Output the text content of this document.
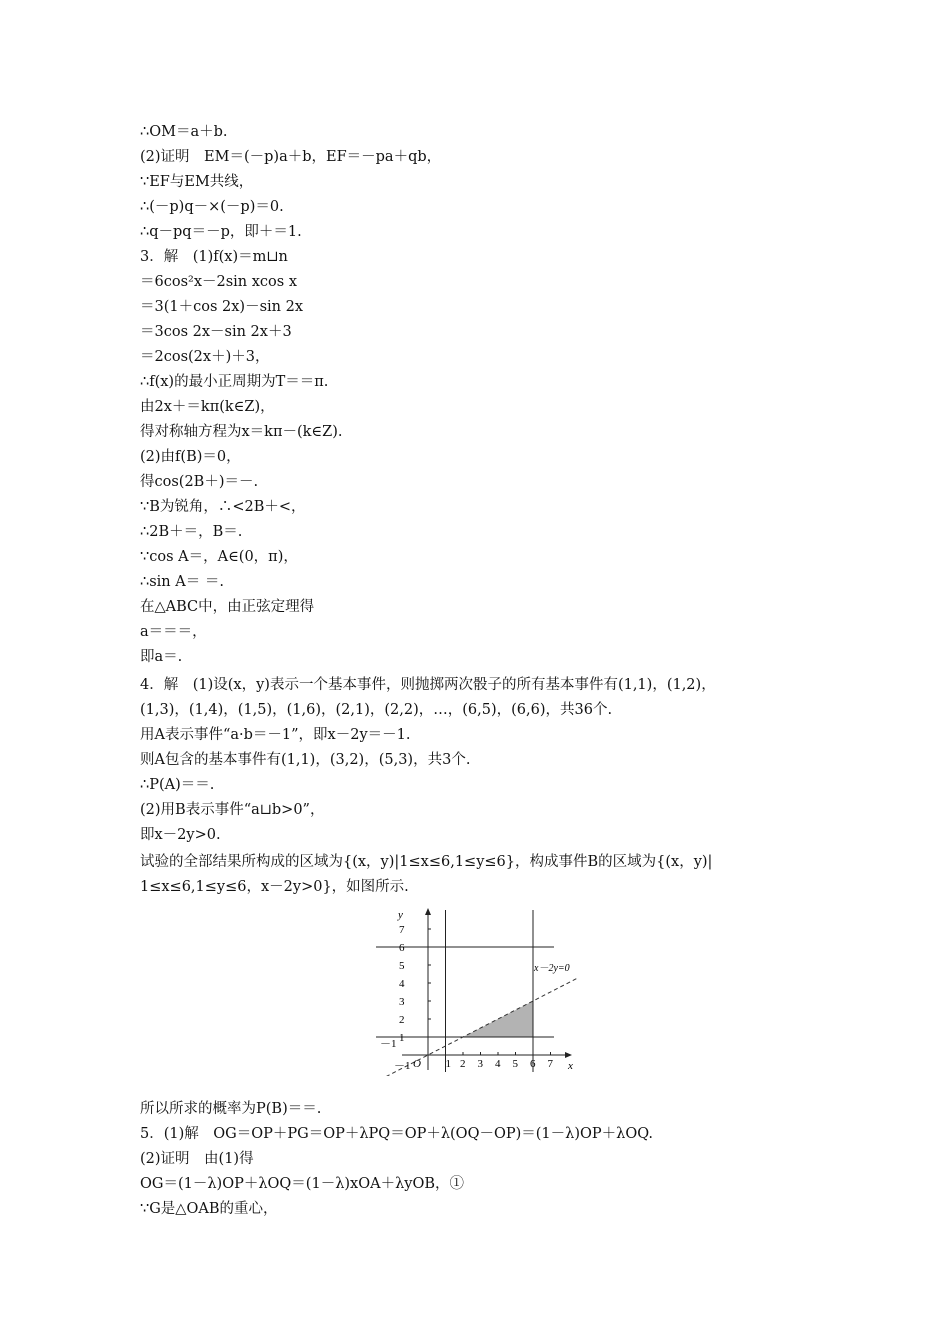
∴OM＝a＋b.
(2)证明　EM＝(－p)a＋b，EF＝－pa＋qb，
∵EF与EM共线，
∴(－p)q－×(－p)＝0.
∴q－pq＝－p，即＋＝1.
3．解　(1)f(x)＝m⊔n
＝6cos²x－2sin xcos x
＝3(1＋cos 2x)－sin 2x
＝3cos 2x－sin 2x＋3
＝2cos(2x＋)＋3，
∴f(x)的最小正周期为T＝＝π.
由2x＋＝kπ(k∈Z)，
得对称轴方程为x＝kπ－(k∈Z).
(2)由f(B)＝0，
得cos(2B＋)＝－.
∵B为锐角，∴<2B＋<，
∴2B＋＝，B＝.
∵cos A＝，A∈(0，π)，
∴sin A＝ ＝.
在△ABC中，由正弦定理得
a＝＝＝，
即a＝.
4．解　(1)设(x，y)表示一个基本事件，则抛掷两次骰子的所有基本事件有(1,1)，(1,2)，
(1,3)，(1,4)，(1,5)，(1,6)，(2,1)，(2,2)，…，(6,5)，(6,6)，共36个.
用A表示事件“a·b＝－1”，即x－2y＝－1.
则A包含的基本事件有(1,1)，(3,2)，(5,3)，共3个.
∴P(A)＝＝.
(2)用B表示事件“a⊔b>0”，
即x－2y>0.
试验的全部结果所构成的区域为{(x，y)|1≤x≤6,1≤y≤6}，构成事件B的区域为{(x，y)|
1≤x≤6,1≤y≤6，x－2y>0}，如图所示.
1 2 3 4 5 6 7
1
2
3
4
5
6
7
－1
－1 O	x
y
x－2y=0
所以所求的概率为P(B)＝＝.
5．(1)解　OG＝OP＋PG＝OP＋λPQ＝OP＋λ(OQ－OP)＝(1－λ)OP＋λOQ.
(2)证明　由(1)得
OG＝(1－λ)OP＋λOQ＝(1－λ)xOA＋λyOB，①
∵G是△OAB的重心，
